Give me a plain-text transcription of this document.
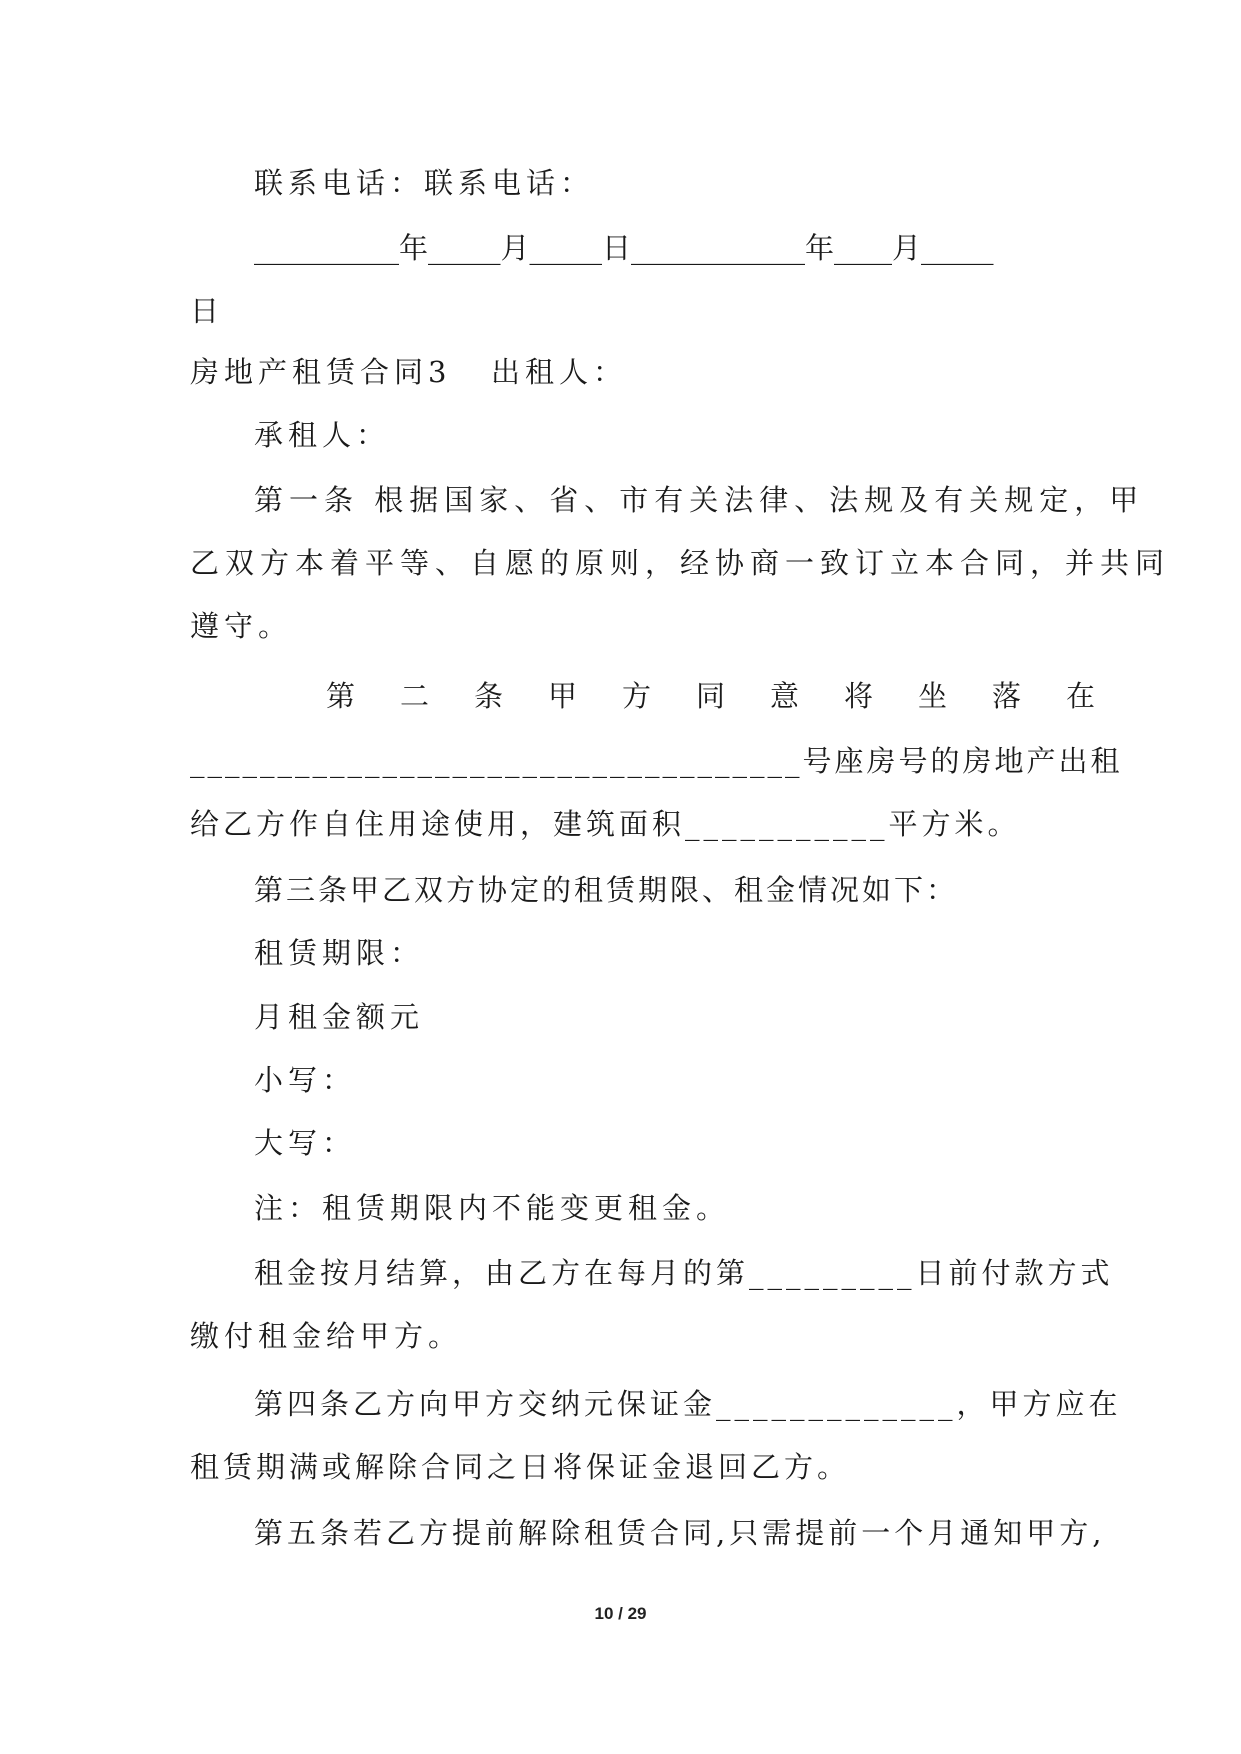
联系电话：联系电话：
__________年_____月_____日____________年____月_____
日
房地产租赁合同3	出租人：
承租人：
第一条 根据国家、省、市有关法律、法规及有关规定，甲
乙双方本着平等、自愿的原则，经协商一致订立本合同，并共同
遵守。
第二条甲方同意将坐落在
___________________________________号座房号的房地产出租
给乙方作自住用途使用，建筑面积___________平方米。
第三条甲乙双方协定的租赁期限、租金情况如下：
租赁期限：
月租金额元
小写：
大写：
注：租赁期限内不能变更租金。
租金按月结算，由乙方在每月的第_________日前付款方式
缴付租金给甲方。
第四条乙方向甲方交纳元保证金_____________，甲方应在
租赁期满或解除合同之日将保证金退回乙方。
第五条若乙方提前解除租赁合同,只需提前一个月通知甲方,
10 / 29
